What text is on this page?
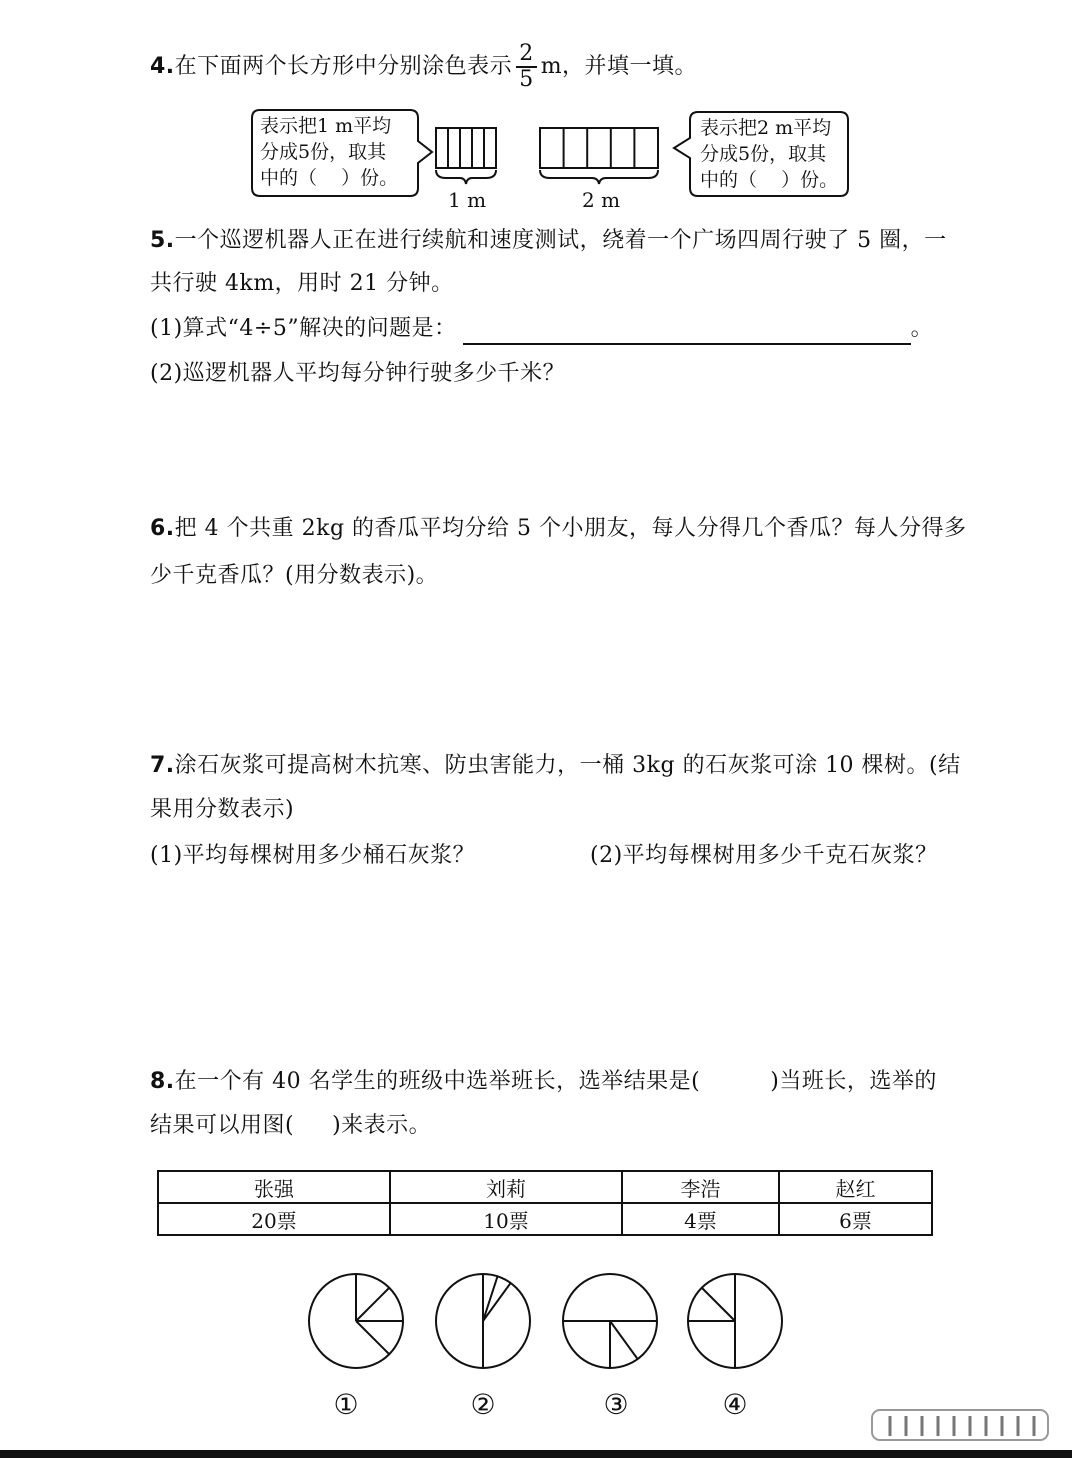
4.在下面两个长方形中分别涂色表示 $\frac{2}{5}$ m，并填一填。
表示把1 m平均
分成5份，取其
中的（    ）份。
表示把2 m平均
分成5份，取其
中的（    ）份。
1 m	2 m
5.一个巡逻机器人正在进行续航和速度测试，绕着一个广场四周行驶了 5 圈，一
共行驶 4km，用时 21 分钟。
(1)算式“4÷5”解决的问题是：	。
(2)巡逻机器人平均每分钟行驶多少千米？
6.把 4 个共重 2kg 的香瓜平均分给 5 个小朋友，每人分得几个香瓜？每人分得多
少千克香瓜？(用分数表示)。
7.涂石灰浆可提高树木抗寒、防虫害能力，一桶 3kg 的石灰浆可涂 10 棵树。(结
果用分数表示)
(1)平均每棵树用多少桶石灰浆？	(2)平均每棵树用多少千克石灰浆？
8.在一个有 40 名学生的班级中选举班长，选举结果是(	)当班长，选举的
结果可以用图( )来表示。
张强	刘莉	李浩	赵红
20票	10票	4票	6票
①	②	③	④
